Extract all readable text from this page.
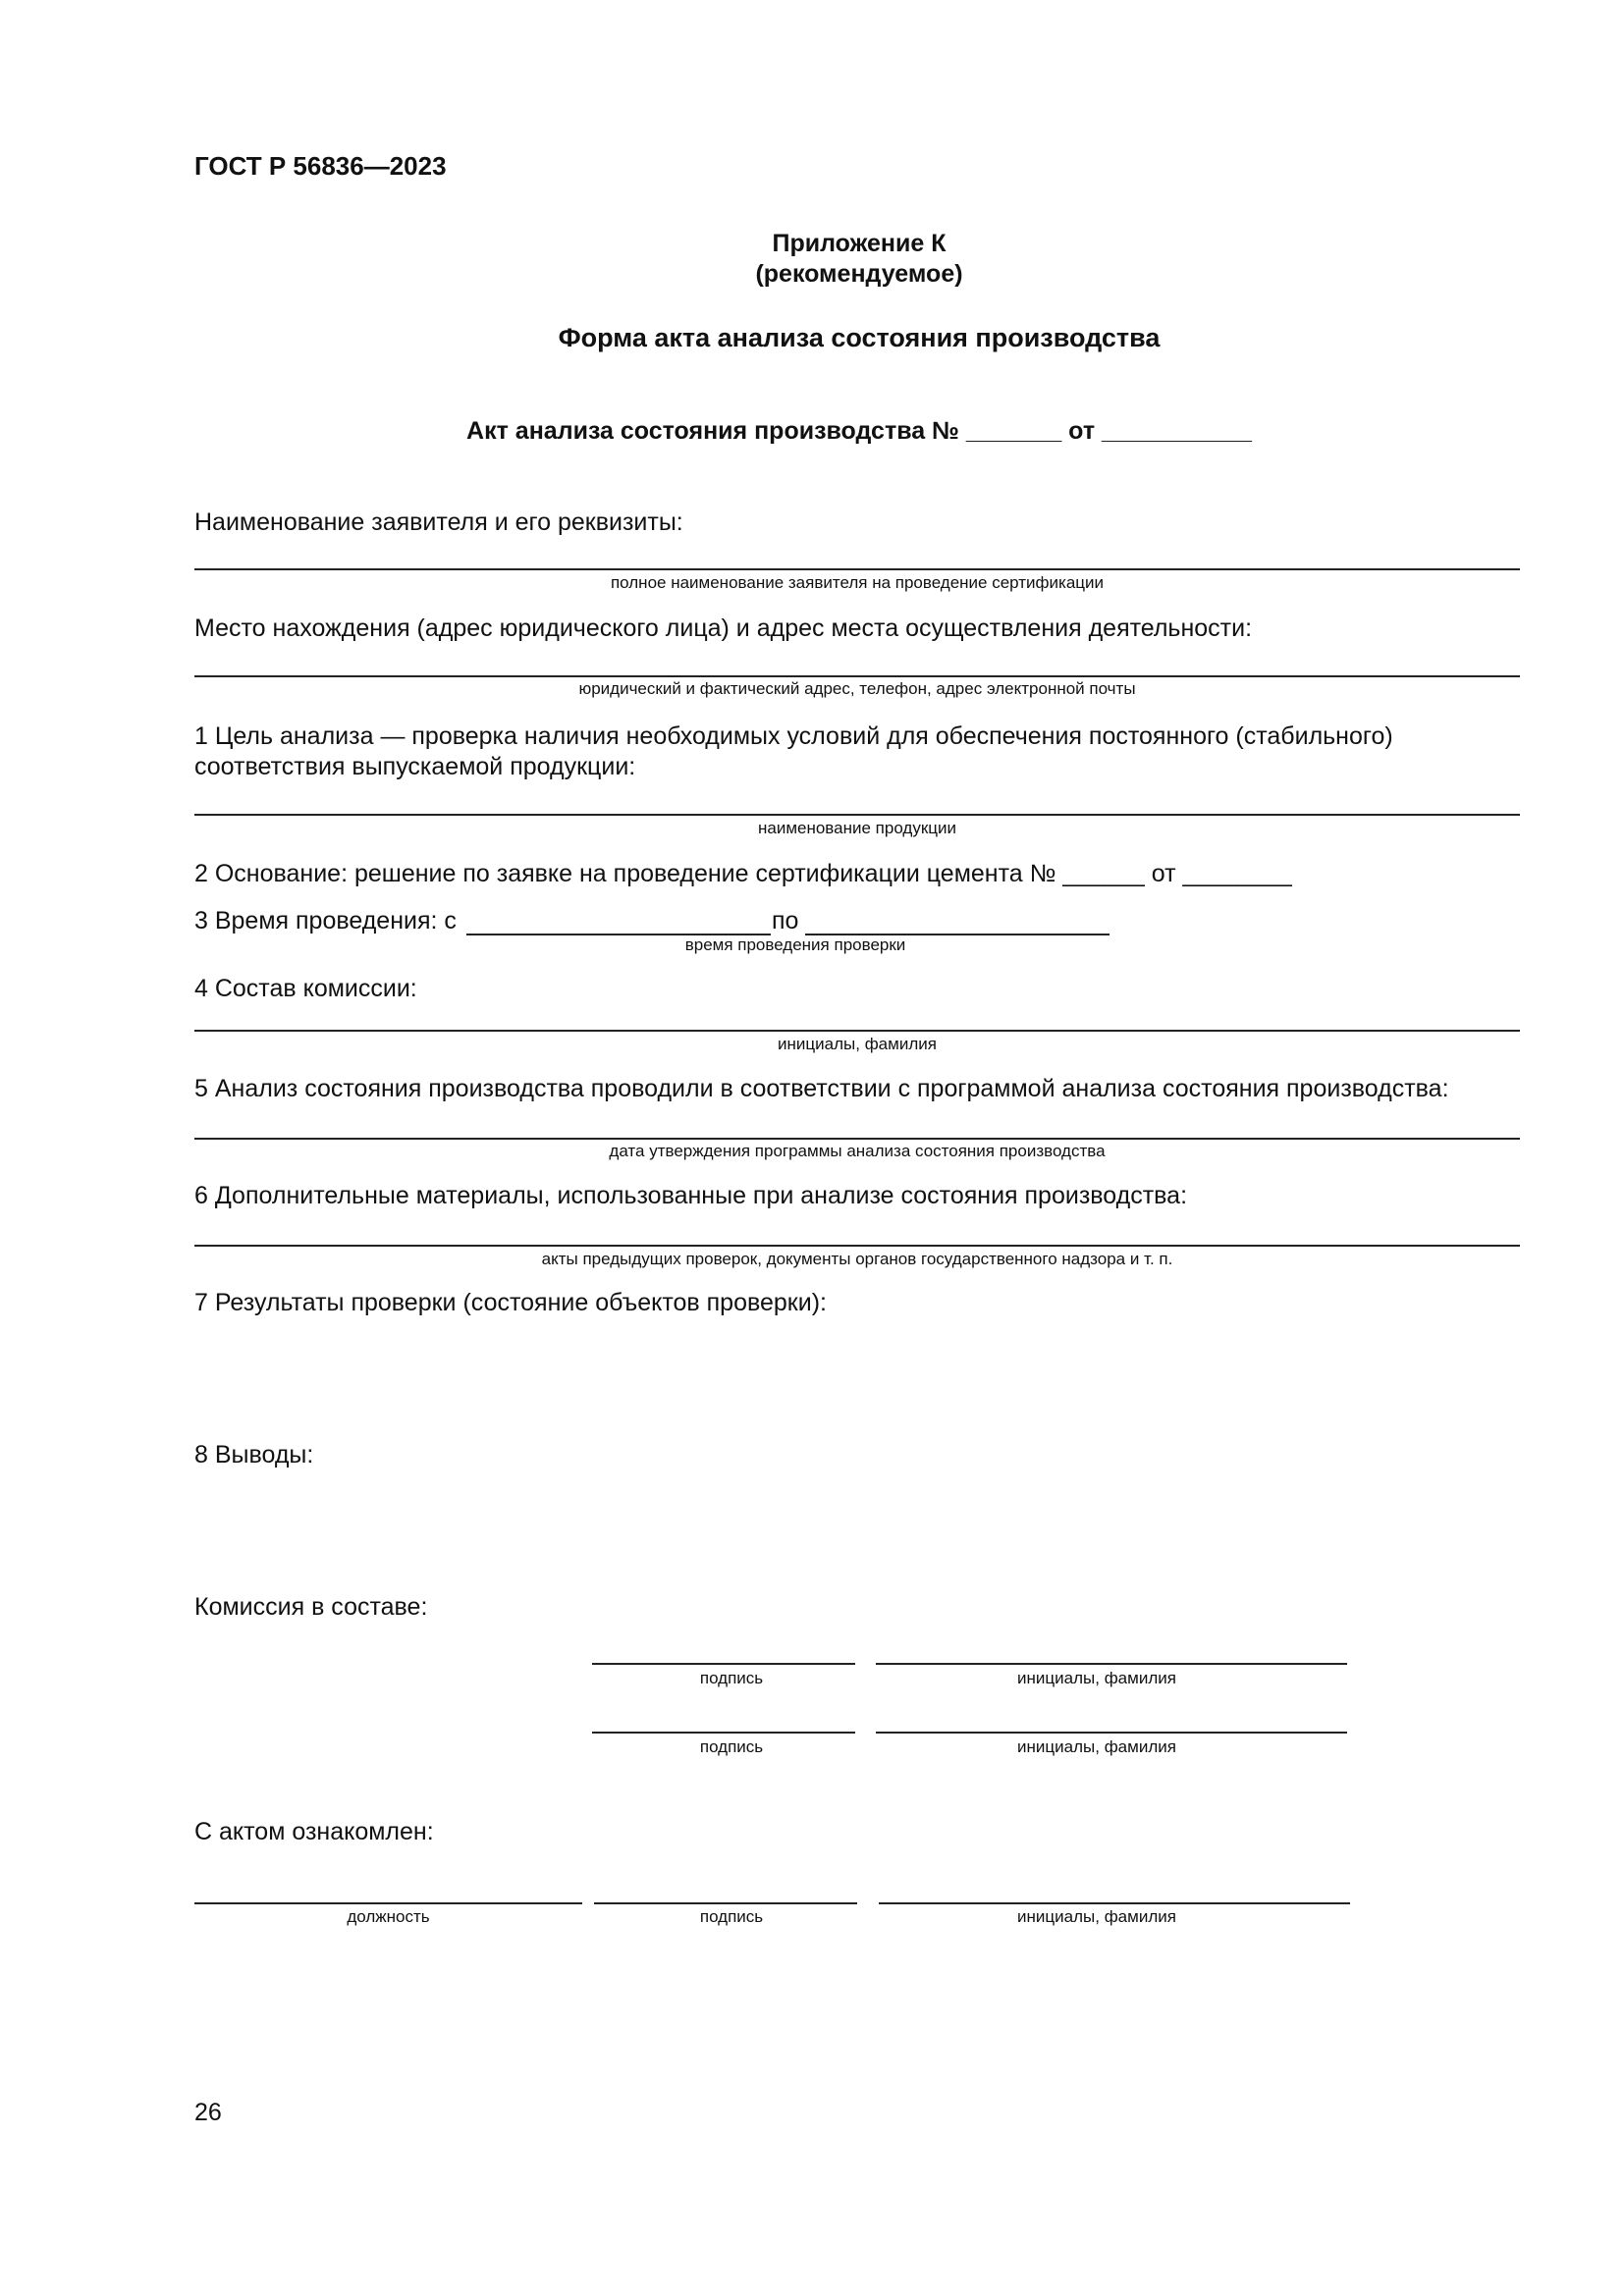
ГОСТ Р 56836—2023
Приложение К
(рекомендуемое)
Форма акта анализа состояния производства
Акт анализа состояния производства № _______ от ___________
Наименование заявителя и его реквизиты:
полное наименование заявителя на проведение сертификации
Место нахождения (адрес юридического лица) и адрес места осуществления деятельности:
юридический и фактический адрес, телефон, адрес электронной почты
1 Цель анализа — проверка наличия необходимых условий для обеспечения постоянного (стабильного)
соответствия выпускаемой продукции:
наименование продукции
2 Основание: решение по заявке на проведение сертификации цемента № ______ от ________
3 Время проведения: с	по
время проведения проверки
4 Состав комиссии:
инициалы, фамилия
5 Анализ состояния производства проводили в соответствии с программой анализа состояния производства:
дата утверждения программы анализа состояния производства
6 Дополнительные материалы, использованные при анализе состояния производства:
акты предыдущих проверок, документы органов государственного надзора и т. п.
7 Результаты проверки (состояние объектов проверки):
8 Выводы:
Комиссия в составе:
подпись	инициалы, фамилия
подпись	инициалы, фамилия
С актом ознакомлен:
должность	подпись	инициалы, фамилия
26
